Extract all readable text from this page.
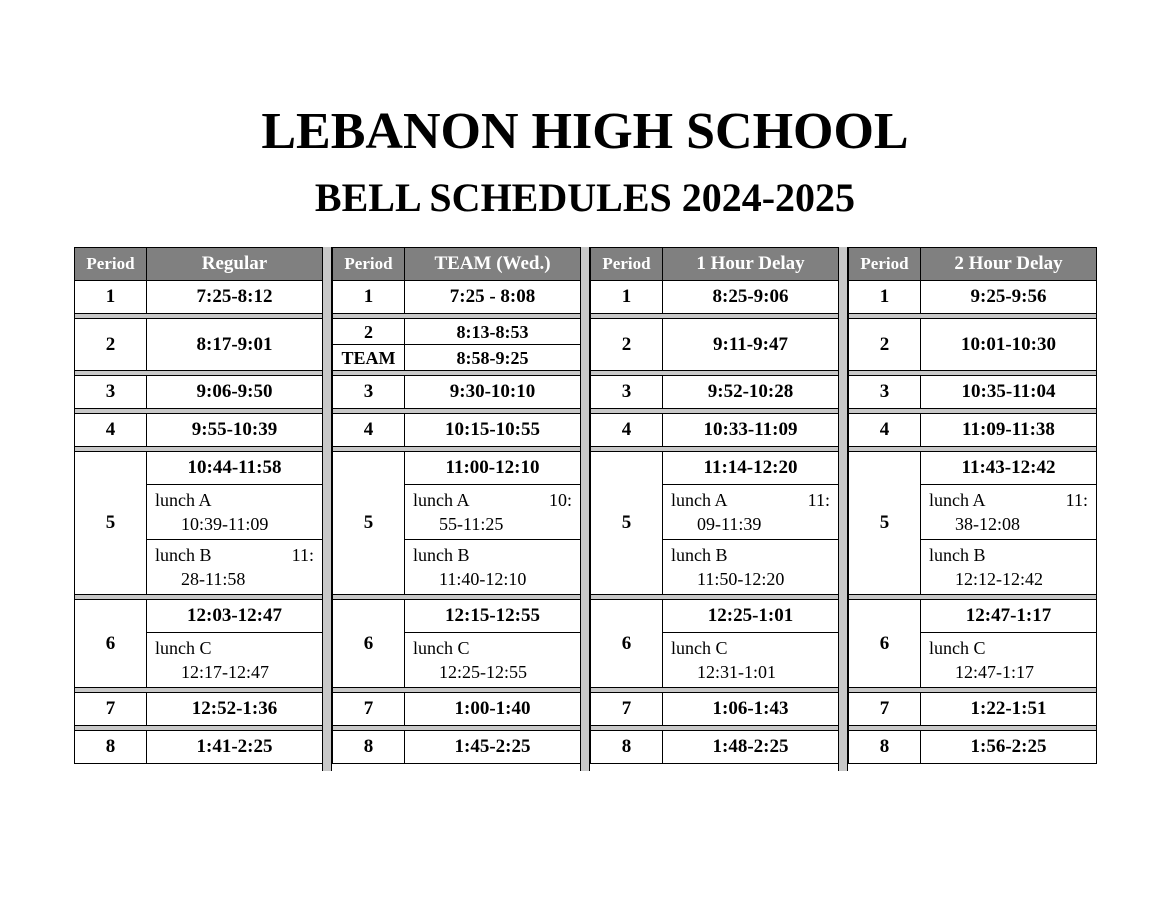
LEBANON HIGH SCHOOL
BELL SCHEDULES 2024-2025
Period	Regular
1	7:25-8:12

2	8:17-9:01

3	9:06-9:50

4	9:55-10:39

5	10:44-11:58

	lunch A
10:39-11:09

	lunch B 11:
28-11:58

6	12:03-12:47

	lunch C
12:17-12:47

7	12:52-1:36

8	1:41-2:25
Period	TEAM (Wed.)
1	7:25 - 8:08

2	8:13-8:53
TEAM	8:58-9:25

3	9:30-10:10

4	10:15-10:55

5	11:00-12:10

	lunch A 10:
55-11:25

	lunch B
11:40-12:10

6	12:15-12:55

	lunch C
12:25-12:55

7	1:00-1:40

8	1:45-2:25
Period	1 Hour Delay
1	8:25-9:06

2	9:11-9:47

3	9:52-10:28

4	10:33-11:09

5	11:14-12:20

	lunch A 11:
09-11:39

	lunch B
11:50-12:20

6	12:25-1:01

	lunch C
12:31-1:01

7	1:06-1:43

8	1:48-2:25
Period	2 Hour Delay
1	9:25-9:56

2	10:01-10:30

3	10:35-11:04

4	11:09-11:38

5	11:43-12:42

	lunch A 11:
38-12:08

	lunch B
12:12-12:42

6	12:47-1:17

	lunch C
12:47-1:17

7	1:22-1:51

8	1:56-2:25
